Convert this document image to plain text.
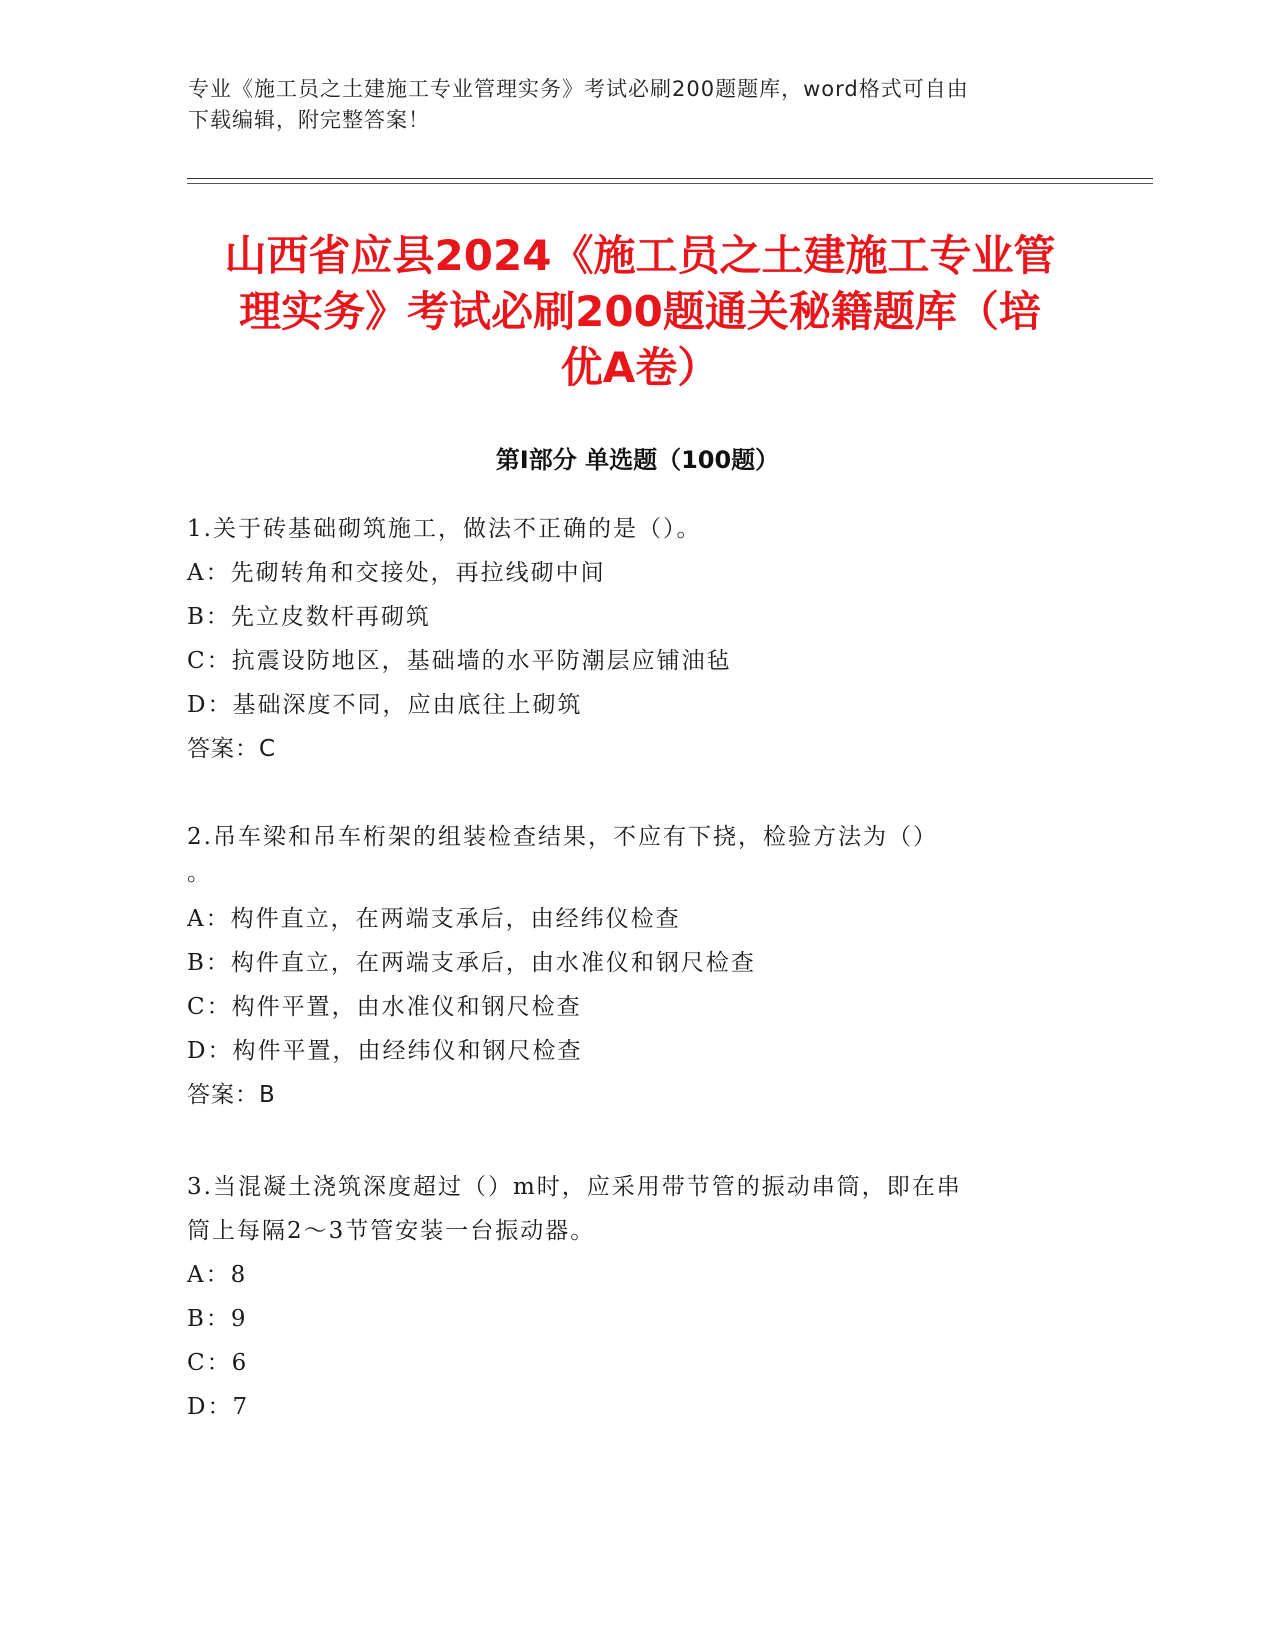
专业《施工员之土建施工专业管理实务》考试必刷200题题库，word格式可自由
下载编辑，附完整答案！
山西省应县2024《施工员之土建施工专业管
理实务》考试必刷200题通关秘籍题库（培
优A卷）
第I部分 单选题（100题）
1.关于砖基础砌筑施工，做法不正确的是（）。
A：先砌转角和交接处，再拉线砌中间
B：先立皮数杆再砌筑
C：抗震设防地区，基础墙的水平防潮层应铺油毡
D：基础深度不同，应由底往上砌筑
答案：C
2.吊车梁和吊车桁架的组装检查结果，不应有下挠，检验方法为（）
。
A：构件直立，在两端支承后，由经纬仪检查
B：构件直立，在两端支承后，由水准仪和钢尺检查
C：构件平置，由水准仪和钢尺检查
D：构件平置，由经纬仪和钢尺检查
答案：B
3.当混凝土浇筑深度超过（）m时，应采用带节管的振动串筒，即在串
筒上每隔2～3节管安装一台振动器。
A：8
B：9
C：6
D：7
